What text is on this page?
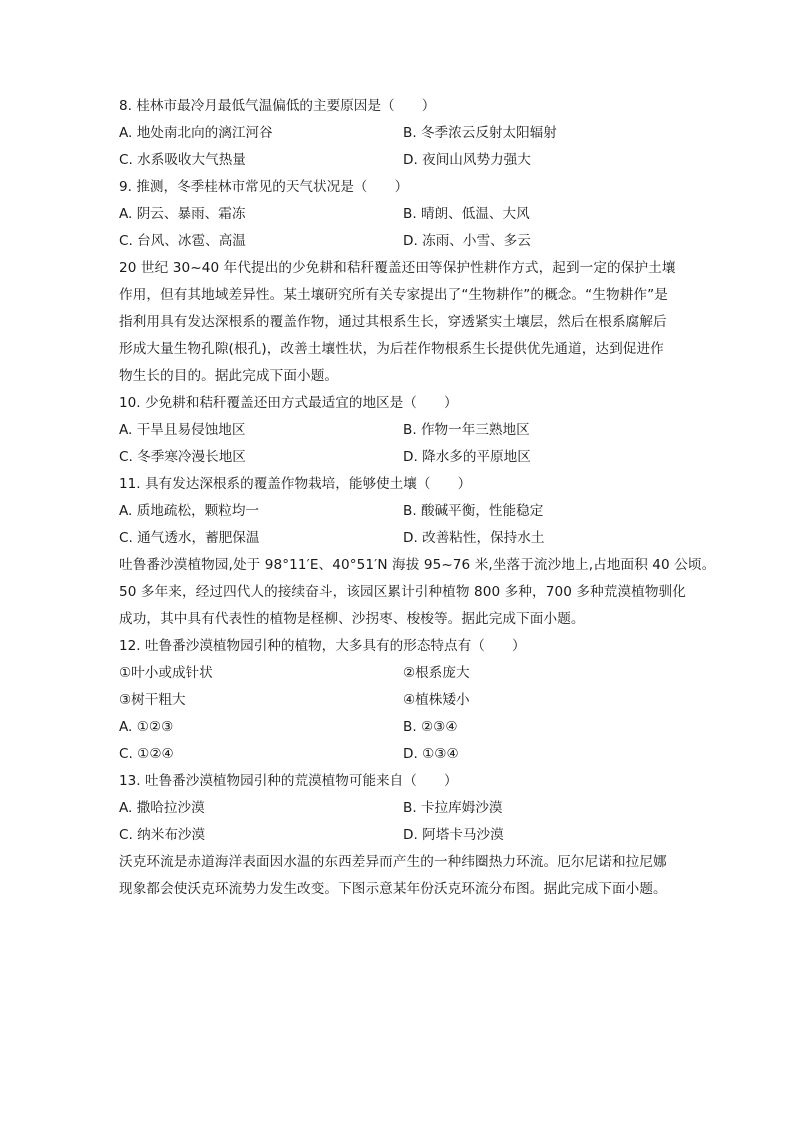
8. 桂林市最冷月最低气温偏低的主要原因是（　　）
A. 地处南北向的漓江河谷	B. 冬季浓云反射太阳辐射
C. 水系吸收大气热量	D. 夜间山风势力强大
9. 推测，冬季桂林市常见的天气状况是（　　）
A. 阴云、暴雨、霜冻	B. 晴朗、低温、大风
C. 台风、冰雹、高温	D. 冻雨、小雪、多云
20 世纪 30~40 年代提出的少免耕和秸秆覆盖还田等保护性耕作方式，起到一定的保护土壤
作用，但有其地域差异性。某土壤研究所有关专家提出了“生物耕作”的概念。“生物耕作”是
指利用具有发达深根系的覆盖作物，通过其根系生长，穿透紧实土壤层，然后在根系腐解后
形成大量生物孔隙(根孔)，改善土壤性状，为后茬作物根系生长提供优先通道，达到促进作
物生长的目的。据此完成下面小题。
10. 少免耕和秸秆覆盖还田方式最适宜的地区是（　　）
A. 干旱且易侵蚀地区	B. 作物一年三熟地区
C. 冬季寒冷漫长地区	D. 降水多的平原地区
11. 具有发达深根系的覆盖作物栽培，能够使土壤（　　）
A. 质地疏松，颗粒均一	B. 酸碱平衡，性能稳定
C. 通气透水，蓄肥保温	D. 改善粘性，保持水土
吐鲁番沙漠植物园,处于 98°11′E、40°51′N 海拔 95~76 米,坐落于流沙地上,占地面积 40 公顷。
50 多年来，经过四代人的接续奋斗，该园区累计引种植物 800 多种，700 多种荒漠植物驯化
成功，其中具有代表性的植物是柽柳、沙拐枣、梭梭等。据此完成下面小题。
12. 吐鲁番沙漠植物园引种的植物，大多具有的形态特点有（　　）
①叶小或成针状	②根系庞大
③树干粗大	④植株矮小
A. ①②③	B. ②③④
C. ①②④	D. ①③④
13. 吐鲁番沙漠植物园引种的荒漠植物可能来自（　　）
A. 撒哈拉沙漠	B. 卡拉库姆沙漠
C. 纳米布沙漠	D. 阿塔卡马沙漠
沃克环流是赤道海洋表面因水温的东西差异而产生的一种纬圈热力环流。厄尔尼诺和拉尼娜
现象都会使沃克环流势力发生改变。下图示意某年份沃克环流分布图。据此完成下面小题。
